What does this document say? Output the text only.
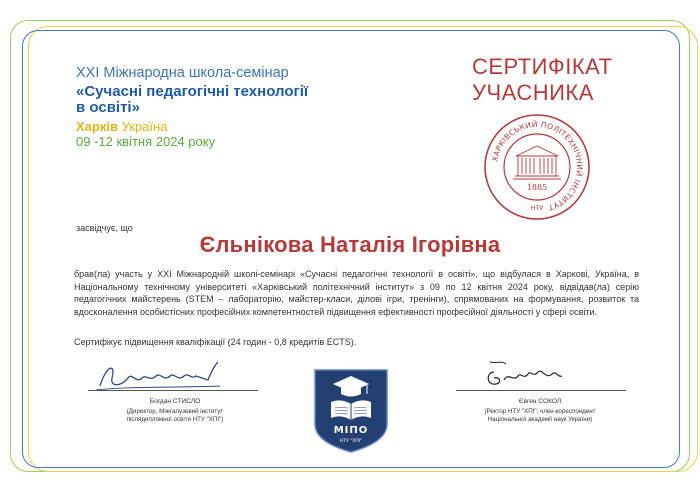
XXI Міжнародна школа-семінар
«Сучасні педагогічні технології в освіті»
Харків Україна
09 -12 квітня 2024 року
СЕРТИФІКАТ
УЧАСНИКА
ХАРКІВСЬКИЙ ПОЛІТЕХНІЧНИЙ ІНСТИТУТ
1885
НТУ
засвідчує, що
Єльнікова Наталія Ігорівна
брав(ла) участь у XXI Міжнародній школі-семінарі «Сучасні педагогічні технології в освіті», що відбулася в Харкові, Україна, в Національному технічному університеті «Харківський політехнічний інститут» з 09 по 12 квітня 2024 року, відвідав(ла) серію педагогічних майстерень (STEM – лабораторію, майстер-класи, ділові ігри, тренінги), спрямованих на формування, розвиток та вдосконалення особистісних професійних компетентностей підвищення ефективності професійної діяльності у сфері освіти.
Сертифікує підвищення кваліфікації (24 годин - 0,8 кредитів ECTS).
Богдан СТИСЛО
(Директор, Міжгалузевий інститут
післядипломної освіти НТУ "ХПІ")
Євген СОКОЛ
(Ректор НТУ "ХПІ"; член-кореспондент
Національної академії наук України)
МІПО
НТУ "ХПІ"
